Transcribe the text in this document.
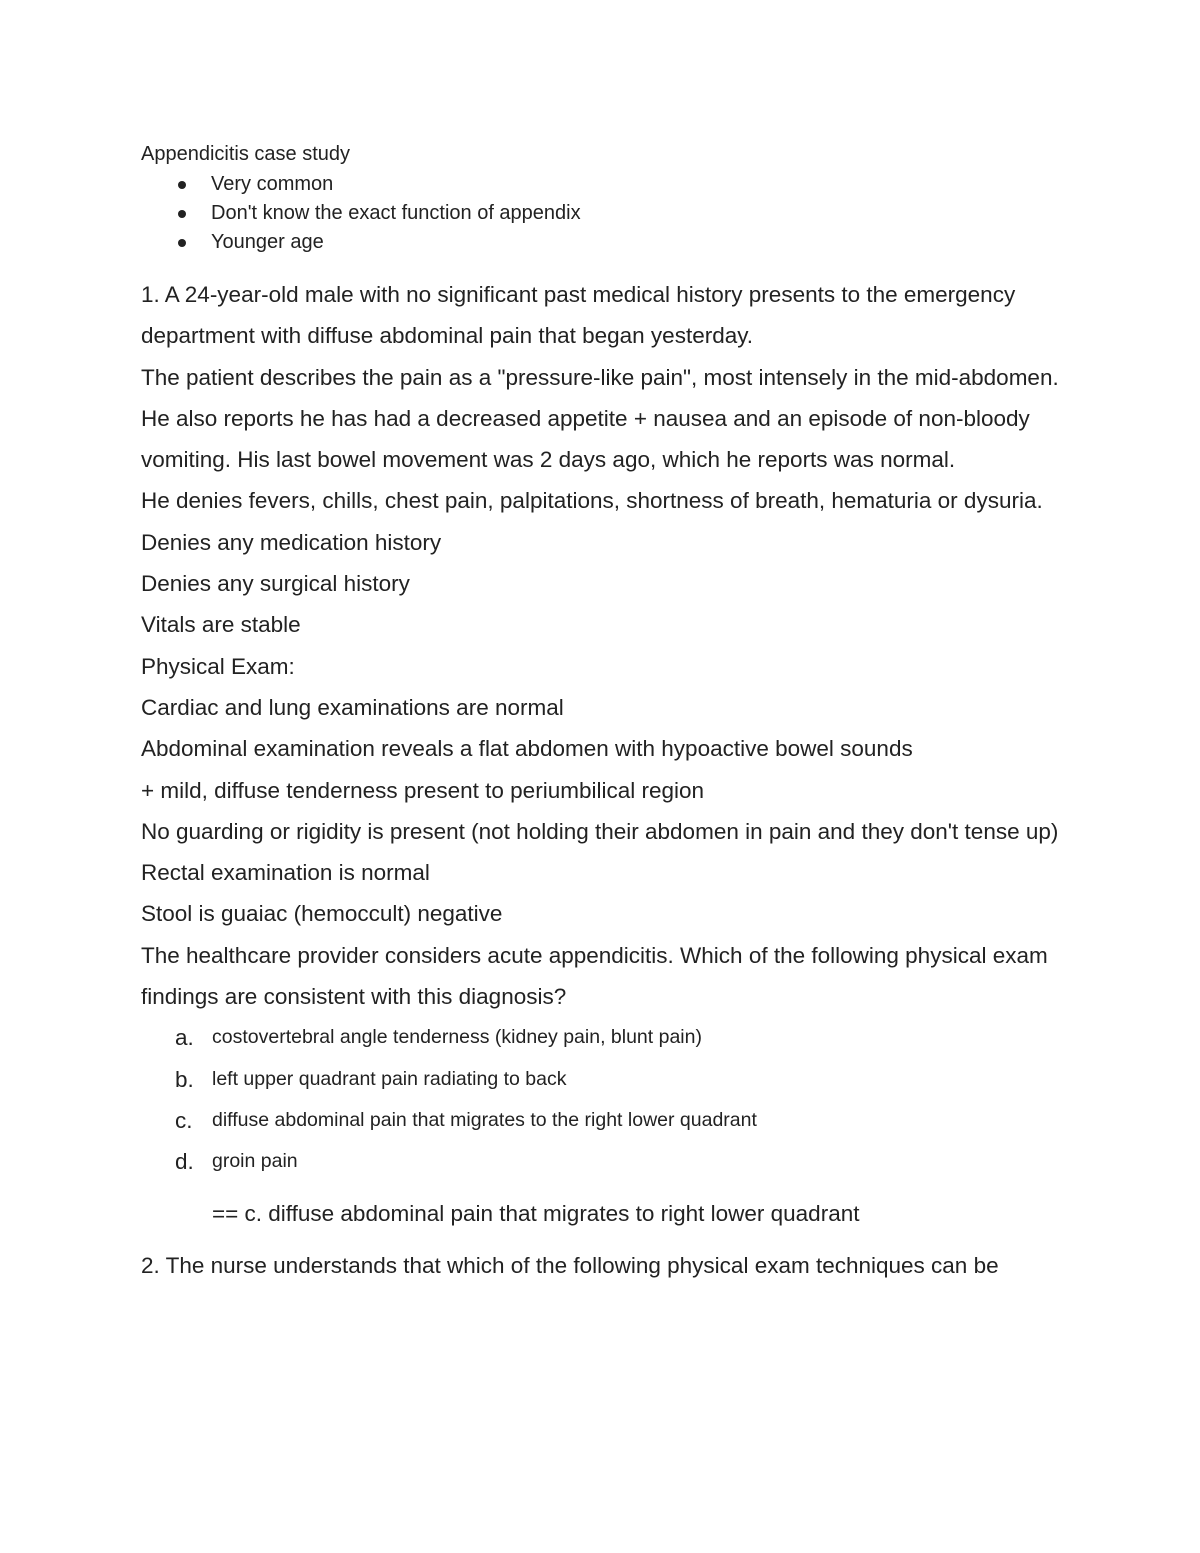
Appendicitis case study

Very common
Don't know the exact function of appendix
Younger age

1. A 24-year-old male with no significant past medical history presents to the emergency department with diffuse abdominal pain that began yesterday.

The patient describes the pain as a "pressure-like pain", most intensely in the mid-abdomen. He also reports he has had a decreased appetite + nausea and an episode of non-bloody vomiting. His last bowel movement was 2 days ago, which he reports was normal.

He denies fevers, chills, chest pain, palpitations, shortness of breath, hematuria or dysuria.

Denies any medication history

Denies any surgical history

Vitals are stable

Physical Exam:

Cardiac and lung examinations are normal

Abdominal examination reveals a flat abdomen with hypoactive bowel sounds

+ mild, diffuse tenderness present to periumbilical region

No guarding or rigidity is present (not holding their abdomen in pain and they don't tense up)

Rectal examination is normal

Stool is guaiac (hemoccult) negative

The healthcare provider considers acute appendicitis. Which of the following physical exam findings are consistent with this diagnosis?

a. costovertebral angle tenderness (kidney pain, blunt pain)
b. left upper quadrant pain radiating to back
c. diffuse abdominal pain that migrates to the right lower quadrant
d. groin pain
== c. diffuse abdominal pain that migrates to right lower quadrant

2. The nurse understands that which of the following physical exam techniques can be
